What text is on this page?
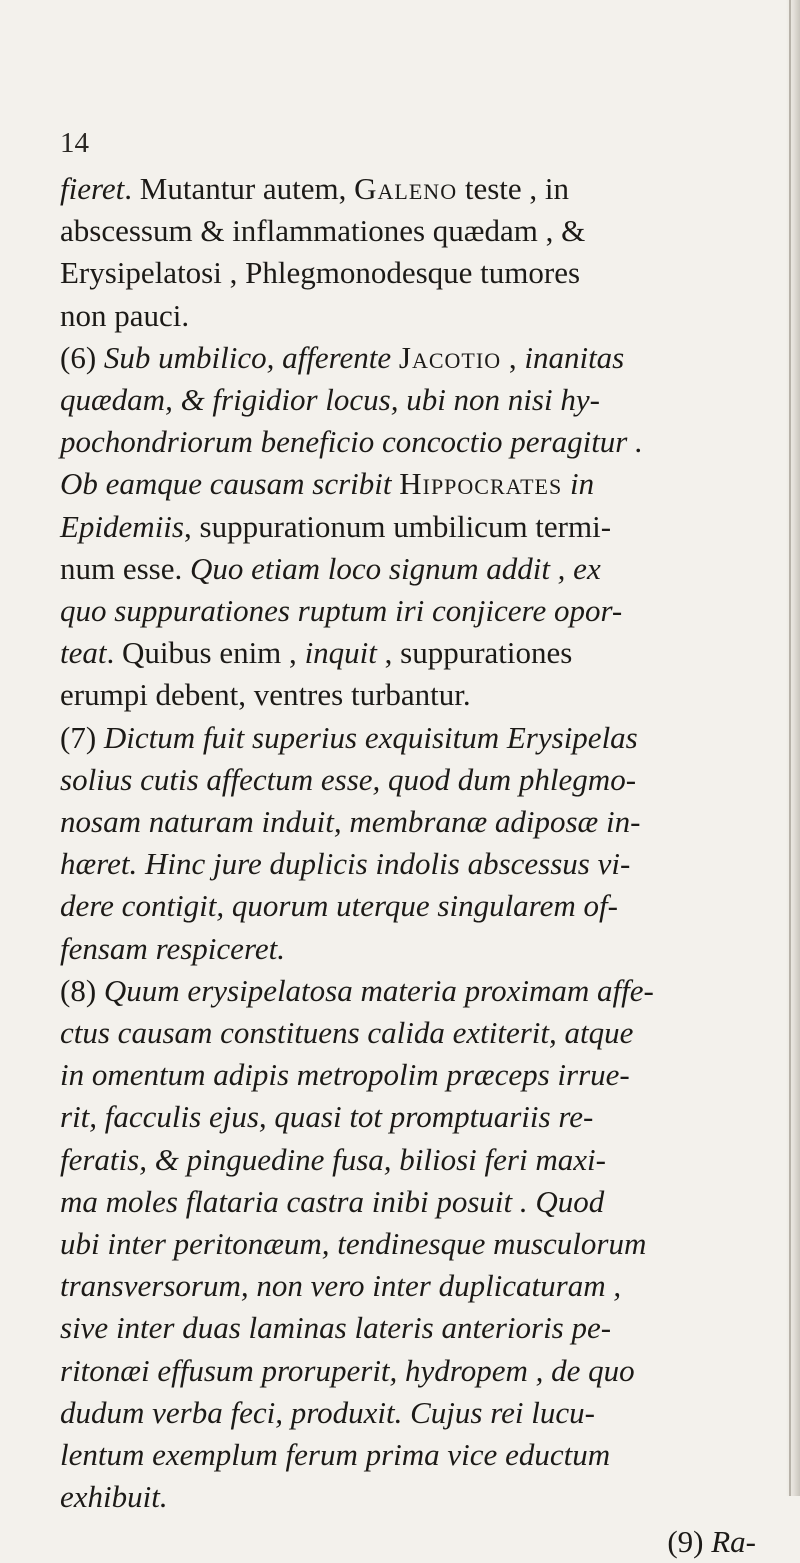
14
fieret. Mutantur autem, Galeno teste , in
abscessum & inflammationes quædam , &
Erysipelatosi , Phlegmonodesque tumores
non pauci.
(6) Sub umbilico, afferente Jacotio , inanitas
quædam, & frigidior locus, ubi non nisi hy-
pochondriorum beneficio concoctio peragitur .
Ob eamque causam scribit Hippocrates in
Epidemiis, suppurationum umbilicum termi-
num esse. Quo etiam loco signum addit , ex
quo suppurationes ruptum iri conjicere opor-
teat. Quibus enim , inquit , suppurationes
erumpi debent, ventres turbantur.
(7) Dictum fuit superius exquisitum Erysipelas
solius cutis affectum esse, quod dum phlegmo-
nosam naturam induit, membranæ adiposæ in-
hæret. Hinc jure duplicis indolis abscessus vi-
dere contigit, quorum uterque singularem of-
fensam respiceret.
(8) Quum erysipelatosa materia proximam affe-
ctus causam constituens calida extiterit, atque
in omentum adipis metropolim præceps irrue-
rit, facculis ejus, quasi tot promptuariis re-
feratis, & pinguedine fusa, biliosi feri maxi-
ma moles flataria castra inibi posuit . Quod
ubi inter peritonæum, tendinesque musculorum
transversorum, non vero inter duplicaturam ,
sive inter duas laminas lateris anterioris pe-
ritonæi effusum proruperit, hydropem , de quo
dudum verba feci, produxit. Cujus rei lucu-
lentum exemplum ferum prima vice eductum
exhibuit.
(9) Ra-
